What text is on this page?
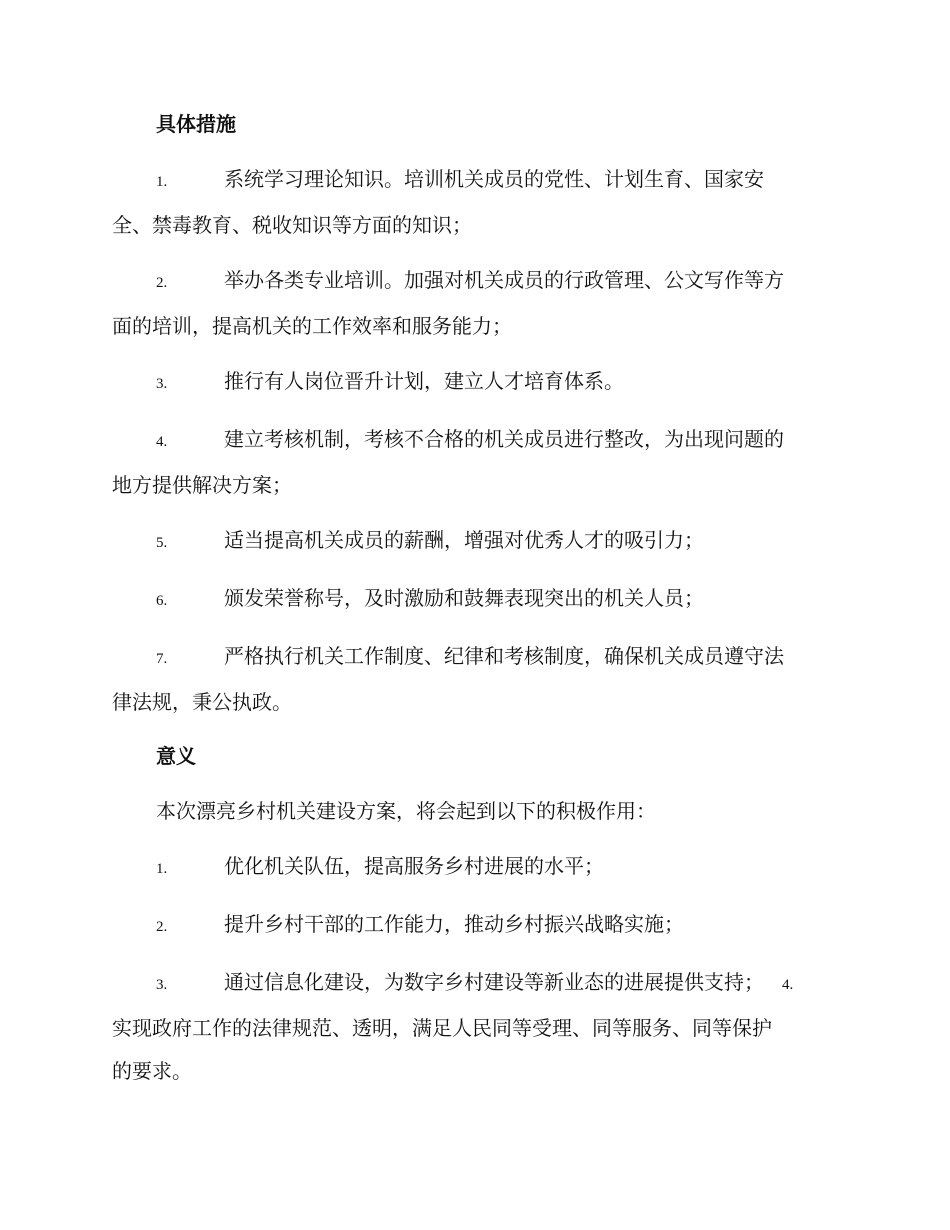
具体措施
1.	系统学习理论知识。培训机关成员的党性、计划生育、国家安
全、禁毒教育、税收知识等方面的知识；
2.	举办各类专业培训。加强对机关成员的行政管理、公文写作等方
面的培训，提高机关的工作效率和服务能力；
3.	推行有人岗位晋升计划，建立人才培育体系。
4.	建立考核机制，考核不合格的机关成员进行整改，为出现问题的
地方提供解决方案；
5.	适当提高机关成员的薪酬，增强对优秀人才的吸引力；
6.	颁发荣誉称号，及时激励和鼓舞表现突出的机关人员；
7.	严格执行机关工作制度、纪律和考核制度，确保机关成员遵守法
律法规，秉公执政。
意义
本次漂亮乡村机关建设方案，将会起到以下的积极作用：
1.	优化机关队伍，提高服务乡村进展的水平；
2.	提升乡村干部的工作能力，推动乡村振兴战略实施；
3.	通过信息化建设，为数字乡村建设等新业态的进展提供支持； 4.
实现政府工作的法律规范、透明，满足人民同等受理、同等服务、同等保护
的要求。
